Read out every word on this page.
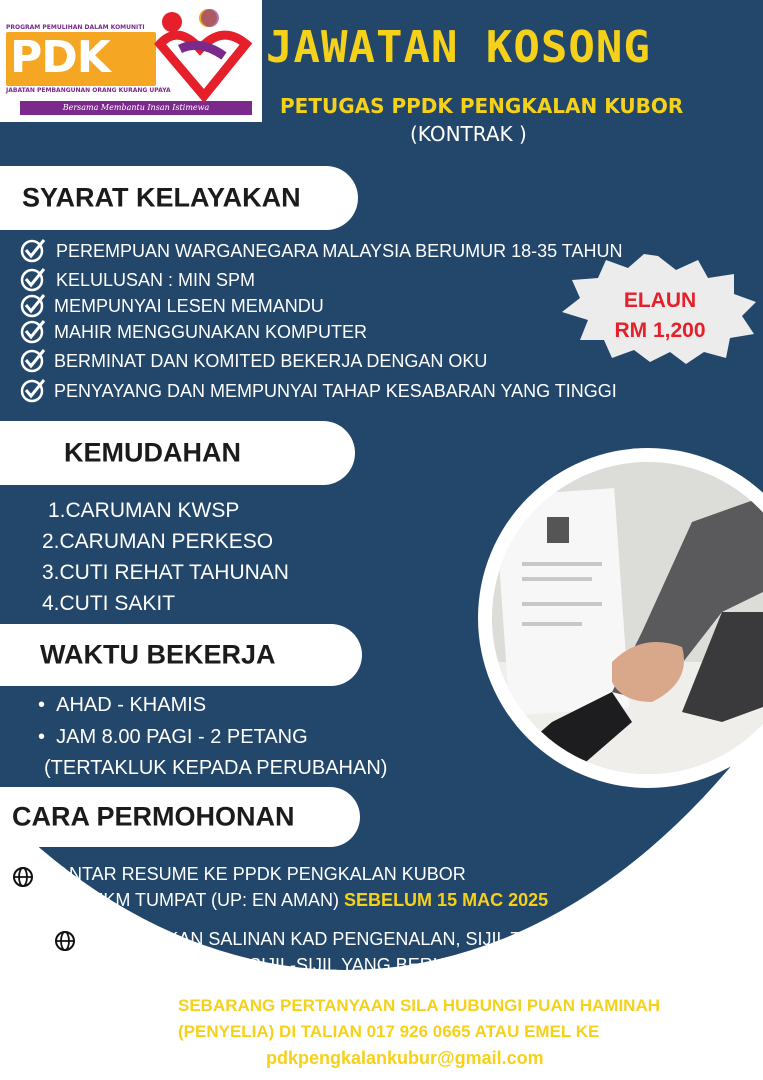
PROGRAM PEMULIHAN DALAM KOMUNITI
PDK
JABATAN PEMBANGUNAN ORANG KURANG UPAYA
Bersama Membantu Insan Istimewa
JAWATAN KOSONG
PETUGAS PPDK PENGKALAN KUBOR
(KONTRAK )
SYARAT KELAYAKAN
PEREMPUAN WARGANEGARA MALAYSIA BERUMUR 18-35 TAHUN
KELULUSAN : MIN SPM
MEMPUNYAI LESEN MEMANDU
MAHIR MENGGUNAKAN KOMPUTER
BERMINAT DAN KOMITED BEKERJA DENGAN OKU
PENYAYANG DAN MEMPUNYAI TAHAP KESABARAN YANG TINGGI
ELAUN
RM 1,200
KEMUDAHAN
1.CARUMAN KWSP
2.CARUMAN PERKESO
3.CUTI REHAT TAHUNAN
4.CUTI SAKIT
WAKTU BEKERJA
•  AHAD - KHAMIS
•  JAM 8.00 PAGI - 2 PETANG
(TERTAKLUK KEPADA PERUBAHAN)
CARA PERMOHONAN
HANTAR RESUME KE PPDK PENGKALAN KUBOR
ATAU JKM TUMPAT (UP: EN AMAN) SEBELUM 15 MAC 2025
SERTAKAN SALINAN KAD PENGENALAN, SIJIL TERTINGGI
AKADEMIK DAN SIJIL-SIJIL YANG BERKAITAN
? SEBARANG PERTANYAAN SILA HUBUNGI PUAN HAMINAH
(PENYELIA) DI TALIAN 017 926 0665 ATAU EMEL KE
pdkpengkalankubur@gmail.com
